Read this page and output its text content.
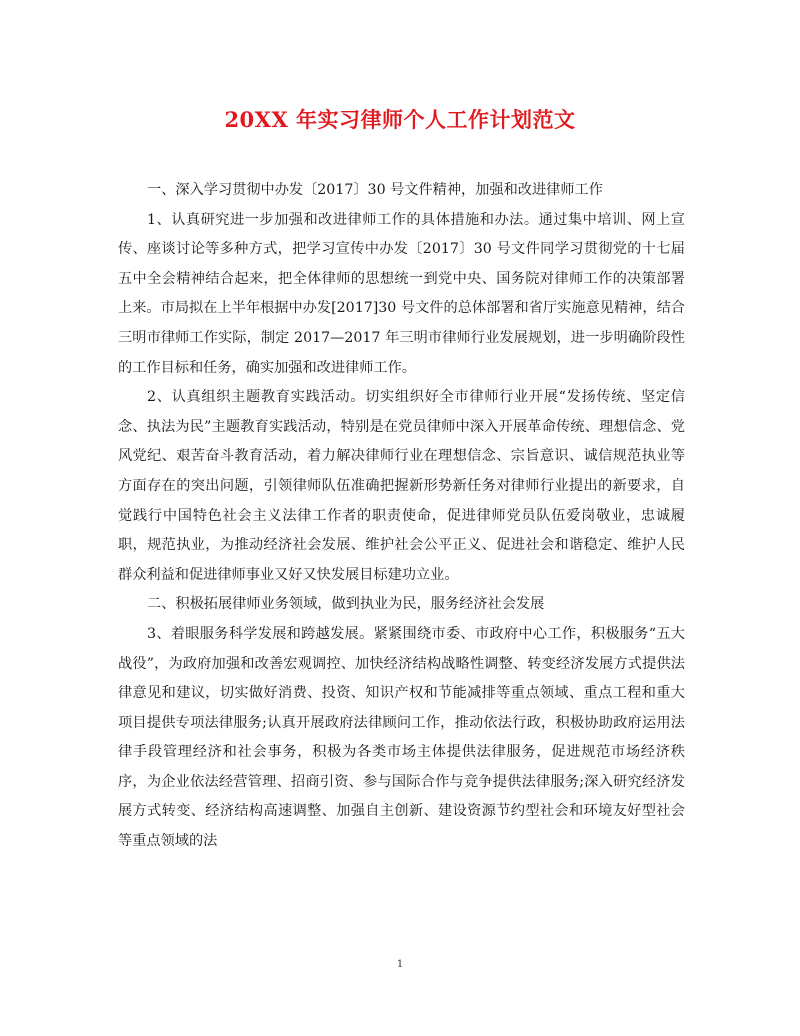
20XX 年实习律师个人工作计划范文

一、深入学习贯彻中办发〔2017〕30 号文件精神，加强和改进律师工作

1、认真研究进一步加强和改进律师工作的具体措施和办法。通过集中培训、网上宣传、座谈讨论等多种方式，把学习宣传中办发〔2017〕30 号文件同学习贯彻党的十七届五中全会精神结合起来，把全体律师的思想统一到党中央、国务院对律师工作的决策部署上来。市局拟在上半年根据中办发[2017]30 号文件的总体部署和省厅实施意见精神，结合三明市律师工作实际，制定 2017—2017 年三明市律师行业发展规划，进一步明确阶段性的工作目标和任务，确实加强和改进律师工作。

2、认真组织主题教育实践活动。切实组织好全市律师行业开展“发扬传统、坚定信念、执法为民”主题教育实践活动，特别是在党员律师中深入开展革命传统、理想信念、党风党纪、艰苦奋斗教育活动，着力解决律师行业在理想信念、宗旨意识、诚信规范执业等方面存在的突出问题，引领律师队伍准确把握新形势新任务对律师行业提出的新要求，自觉践行中国特色社会主义法律工作者的职责使命，促进律师党员队伍爱岗敬业，忠诚履职，规范执业，为推动经济社会发展、维护社会公平正义、促进社会和谐稳定、维护人民群众利益和促进律师事业又好又快发展目标建功立业。

二、积极拓展律师业务领域，做到执业为民，服务经济社会发展

3、着眼服务科学发展和跨越发展。紧紧围绕市委、市政府中心工作，积极服务“五大战役”，为政府加强和改善宏观调控、加快经济结构战略性调整、转变经济发展方式提供法律意见和建议，切实做好消费、投资、知识产权和节能减排等重点领域、重点工程和重大项目提供专项法律服务;认真开展政府法律顾问工作，推动依法行政，积极协助政府运用法律手段管理经济和社会事务，积极为各类市场主体提供法律服务，促进规范市场经济秩序，为企业依法经营管理、招商引资、参与国际合作与竞争提供法律服务;深入研究经济发展方式转变、经济结构高速调整、加强自主创新、建设资源节约型社会和环境友好型社会等重点领域的法

1
